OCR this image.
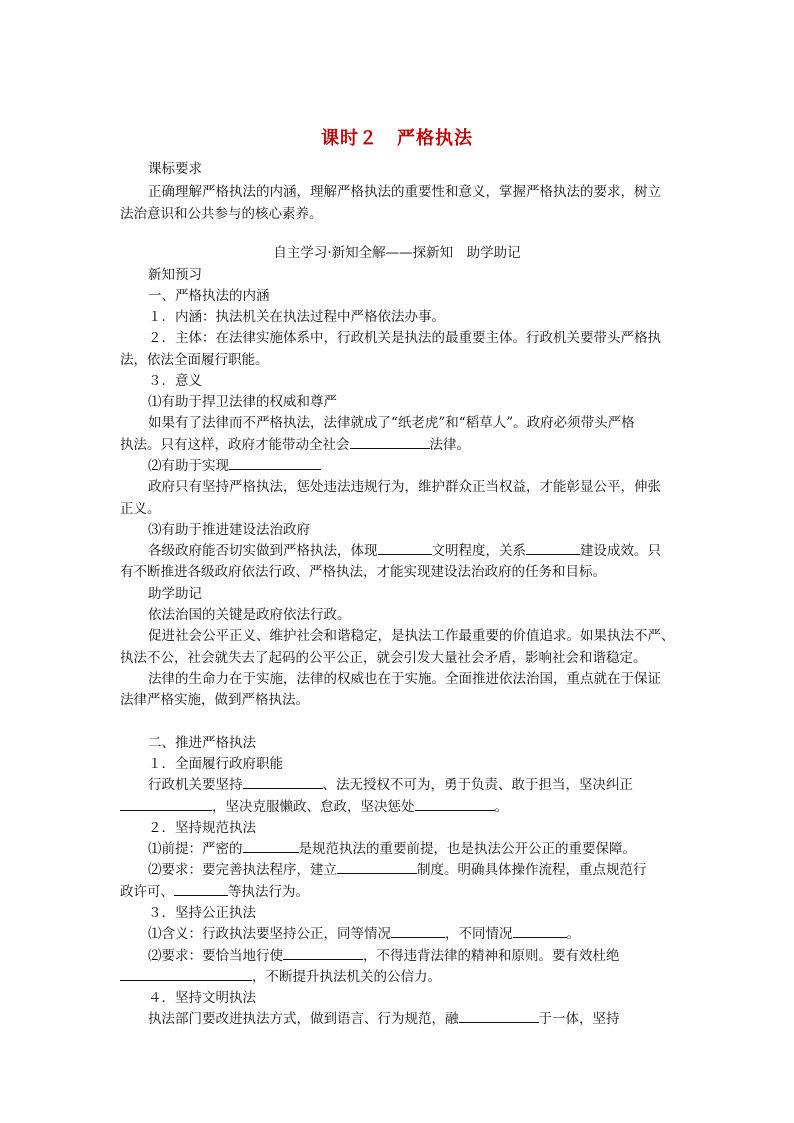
课时２　严格执法
课标要求
正确理解严格执法的内涵，理解严格执法的重要性和意义，掌握严格执法的要求，树立
法治意识和公共参与的核心素养。
自主学习·新知全解——探新知　助学助记
新知预习
一、严格执法的内涵
１．内涵：执法机关在执法过程中严格依法办事。
２．主体：在法律实施体系中，行政机关是执法的最重要主体。行政机关要带头严格执
法，依法全面履行职能。
３．意义
⑴有助于捍卫法律的权威和尊严
如果有了法律而不严格执法，法律就成了“纸老虎”和“稻草人”。政府必须带头严格
执法。只有这样，政府才能带动全社会	法律。
⑵有助于实现
政府只有坚持严格执法，惩处违法违规行为，维护群众正当权益，才能彰显公平，伸张
正义。
⑶有助于推进建设法治政府
各级政府能否切实做到严格执法，体现	文明程度，关系	建设成效。只
有不断推进各级政府依法行政、严格执法，才能实现建设法治政府的任务和目标。
助学助记
依法治国的关键是政府依法行政。
促进社会公平正义、维护社会和谐稳定，是执法工作最重要的价值追求。如果执法不严、
执法不公，社会就失去了起码的公平公正，就会引发大量社会矛盾，影响社会和谐稳定。
法律的生命力在于实施，法律的权威也在于实施。全面推进依法治国，重点就在于保证
法律严格实施，做到严格执法。
二、推进严格执法
１．全面履行政府职能
行政机关要坚持	、法无授权不可为，勇于负责、敢于担当，坚决纠正
，坚决克服懒政、怠政，坚决惩处	。
２．坚持规范执法
⑴前提：严密的	是规范执法的重要前提，也是执法公开公正的重要保障。
⑵要求：要完善执法程序，建立	制度。明确具体操作流程，重点规范行
政许可、	等执法行为。
３．坚持公正执法
⑴含义：行政执法要坚持公正，同等情况	，不同情况	。
⑵要求：要恰当地行使	，不得违背法律的精神和原则。要有效杜绝
，不断提升执法机关的公信力。
４．坚持文明执法
执法部门要改进执法方式，做到语言、行为规范，融	于一体，坚持
